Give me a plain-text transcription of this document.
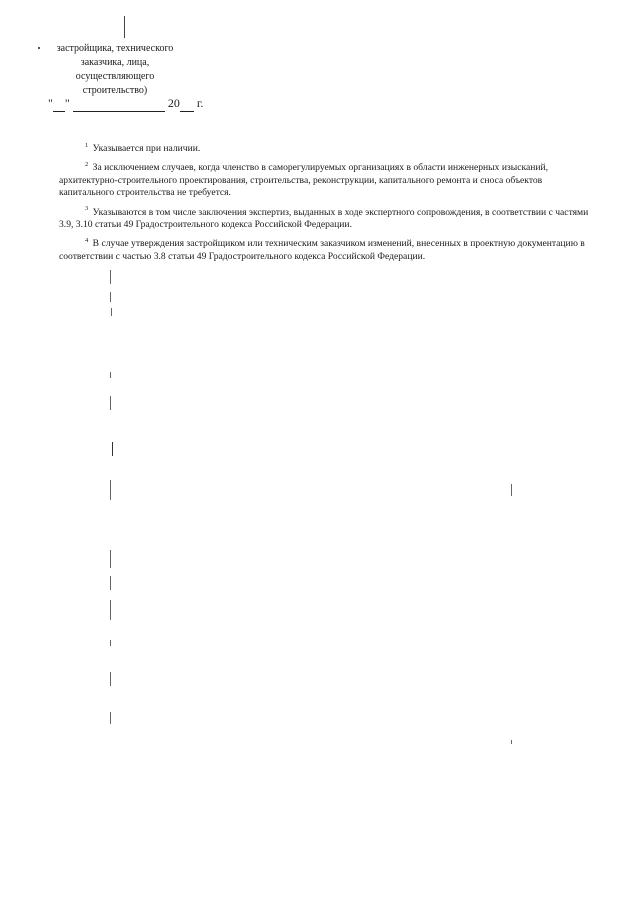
застройщика, технического
заказчика, лица,
осуществляющего
строительство)
" "	20 г.

$^1$ Указывается при наличии.

$^2$ За исключением случаев, когда членство в саморегулируемых организациях в области инженерных изысканий, архитектурно-строительного проектирования, строительства, реконструкции, капитального ремонта и сноса объектов капитального строительства не требуется.

$^3$ Указываются в том числе заключения экспертиз, выданных в ходе экспертного сопровождения, в соответствии с частями 3.9, 3.10 статьи 49 Градостроительного кодекса Российской Федерации.

$^4$ В случае утверждения застройщиком или техническим заказчиком изменений, внесенных в проектную документацию в соответствии с частью 3.8 статьи 49 Градостроительного кодекса Российской Федерации.
